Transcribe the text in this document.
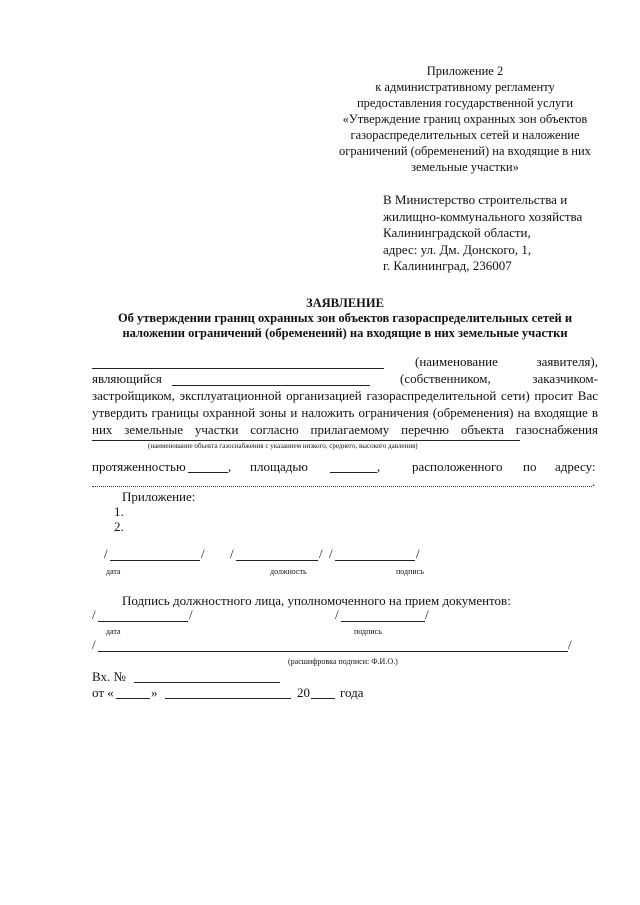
Приложение 2
к административному регламенту
предоставления государственной услуги
«Утверждение границ охранных зон объектов
газораспределительных сетей и наложение
ограничений (обременений) на входящие в них
земельные участки»
В Министерство строительства и
жилищно-коммунального хозяйства
Калининградской области,
адрес: ул. Дм. Донского, 1,
г. Калининград, 236007
ЗАЯВЛЕНИЕ
Об утверждении границ охранных зон объектов газораспределительных сетей и
наложении ограничений (обременений) на входящие в них земельные участки
(наименование заявителя),
являющийся	(собственником, заказчиком-
застройщиком, эксплуатационной организацией газораспределительной сети) просит Вас
утвердить границы охранной зоны и наложить ограничения (обременения) на входящие в
них земельные участки согласно прилагаемому перечню объекта газоснабжения
(наименование объекта газоснабжения с указанием низкого, среднего, высокого давления)
протяженностью	, площадью	, расположенного по адресу:
.
Приложение:
1.
2.
/	/ /	/ /	/
дата	должность	подпись
Подпись должностного лица, уполномоченного на прием документов:
/	/	/	/
дата	подпись
/	/
(расшифровка подписи: Ф.И.О.)
Вх. №
от «	»	20 года
